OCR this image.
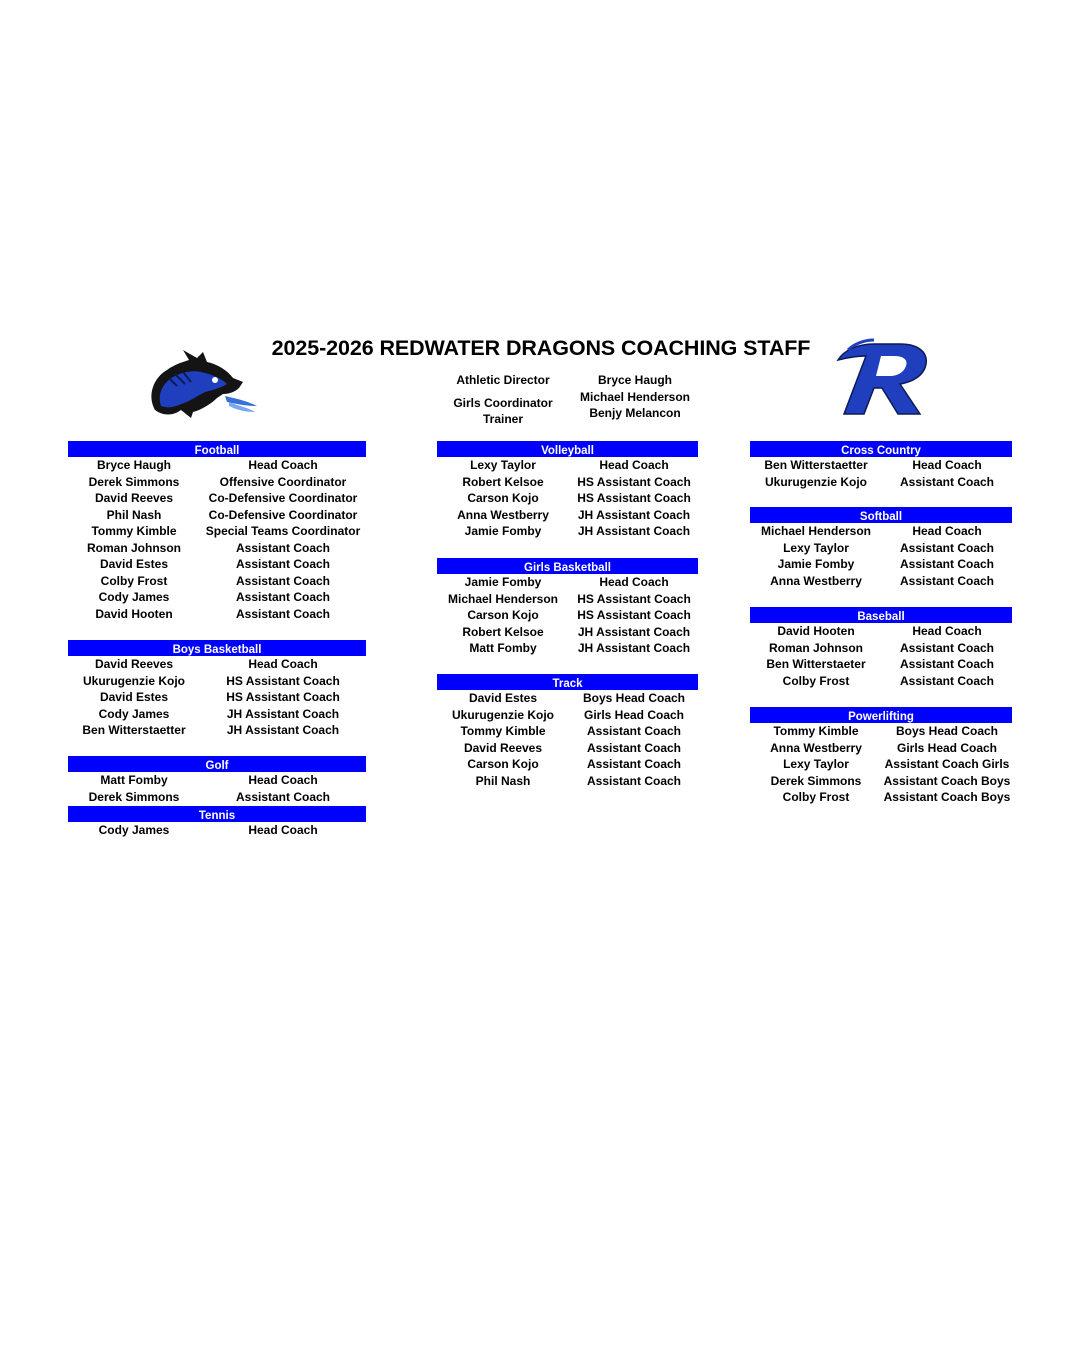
2025-2026 REDWATER DRAGONS COACHING STAFF
Athletic Director	Bryce Haugh
Girls Coordinator	Michael Henderson
Trainer	Benjy Melancon
Football
Bryce Haugh	Head Coach
Derek Simmons	Offensive Coordinator
David Reeves	Co-Defensive Coordinator
Phil Nash	Co-Defensive Coordinator
Tommy Kimble	Special Teams Coordinator
Roman Johnson	Assistant Coach
David Estes	Assistant Coach
Colby Frost	Assistant Coach
Cody James	Assistant Coach
David Hooten	Assistant Coach
Boys Basketball
David Reeves	Head Coach
Ukurugenzie Kojo	HS Assistant Coach
David Estes	HS Assistant Coach
Cody James	JH Assistant Coach
Ben Witterstaetter	JH Assistant Coach
Golf
Matt Fomby	Head Coach
Derek Simmons	Assistant Coach
Tennis
Cody James	Head Coach
Volleyball
Lexy Taylor	Head Coach
Robert Kelsoe	HS Assistant Coach
Carson Kojo	HS Assistant Coach
Anna Westberry	JH Assistant Coach
Jamie Fomby	JH Assistant Coach
Girls Basketball
Jamie Fomby	Head Coach
Michael Henderson	HS Assistant Coach
Carson Kojo	HS Assistant Coach
Robert Kelsoe	JH Assistant Coach
Matt Fomby	JH Assistant Coach
Track
David Estes	Boys Head Coach
Ukurugenzie Kojo	Girls Head Coach
Tommy Kimble	Assistant Coach
David Reeves	Assistant Coach
Carson Kojo	Assistant Coach
Phil Nash	Assistant Coach
Cross Country
Ben Witterstaetter	Head Coach
Ukurugenzie Kojo	Assistant Coach
Softball
Michael Henderson	Head Coach
Lexy Taylor	Assistant Coach
Jamie Fomby	Assistant Coach
Anna Westberry	Assistant Coach
Baseball
David Hooten	Head Coach
Roman Johnson	Assistant Coach
Ben Witterstaeter	Assistant Coach
Colby Frost	Assistant Coach
Powerlifting
Tommy Kimble	Boys Head Coach
Anna Westberry	Girls Head Coach
Lexy Taylor	Assistant Coach Girls
Derek Simmons	Assistant Coach Boys
Colby Frost	Assistant Coach Boys
